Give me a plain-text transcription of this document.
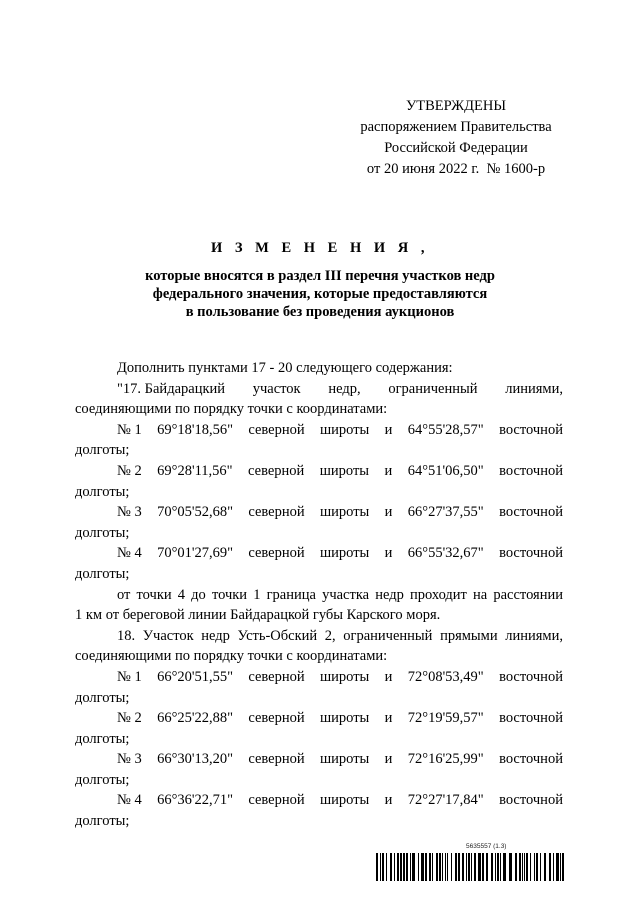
УТВЕРЖДЕНЫ
распоряжением Правительства
Российской Федерации
от 20 июня 2022 г.  № 1600-р
И З М Е Н Е Н И Я ,
которые вносятся в раздел III перечня участков недр
федерального значения, которые предоставляются
в пользование без проведения аукционов

Дополнить пунктами 17 - 20 следующего содержания:

"17. Байдарацкий участок недр, ограниченный линиями,

соединяющими по порядку точки с координатами:

№ 1 69°18'18,56" северной широты и 64°55'28,57" восточной

долготы;

№ 2 69°28'11,56" северной широты и 64°51'06,50" восточной

долготы;

№ 3 70°05'52,68" северной широты и 66°27'37,55" восточной

долготы;

№ 4 70°01'27,69" северной широты и 66°55'32,67" восточной

долготы;

от точки 4 до точки 1 граница участка недр проходит на расстоянии

1 км от береговой линии Байдарацкой губы Карского моря.

18. Участок недр Усть-Обский 2, ограниченный прямыми линиями,

соединяющими по порядку точки с координатами:

№ 1 66°20'51,55" северной широты и 72°08'53,49" восточной

долготы;

№ 2 66°25'22,88" северной широты и 72°19'59,57" восточной

долготы;

№ 3 66°30'13,20" северной широты и 72°16'25,99" восточной

долготы;

№ 4 66°36'22,71" северной широты и 72°27'17,84" восточной

долготы;

5635557 (1.3)
